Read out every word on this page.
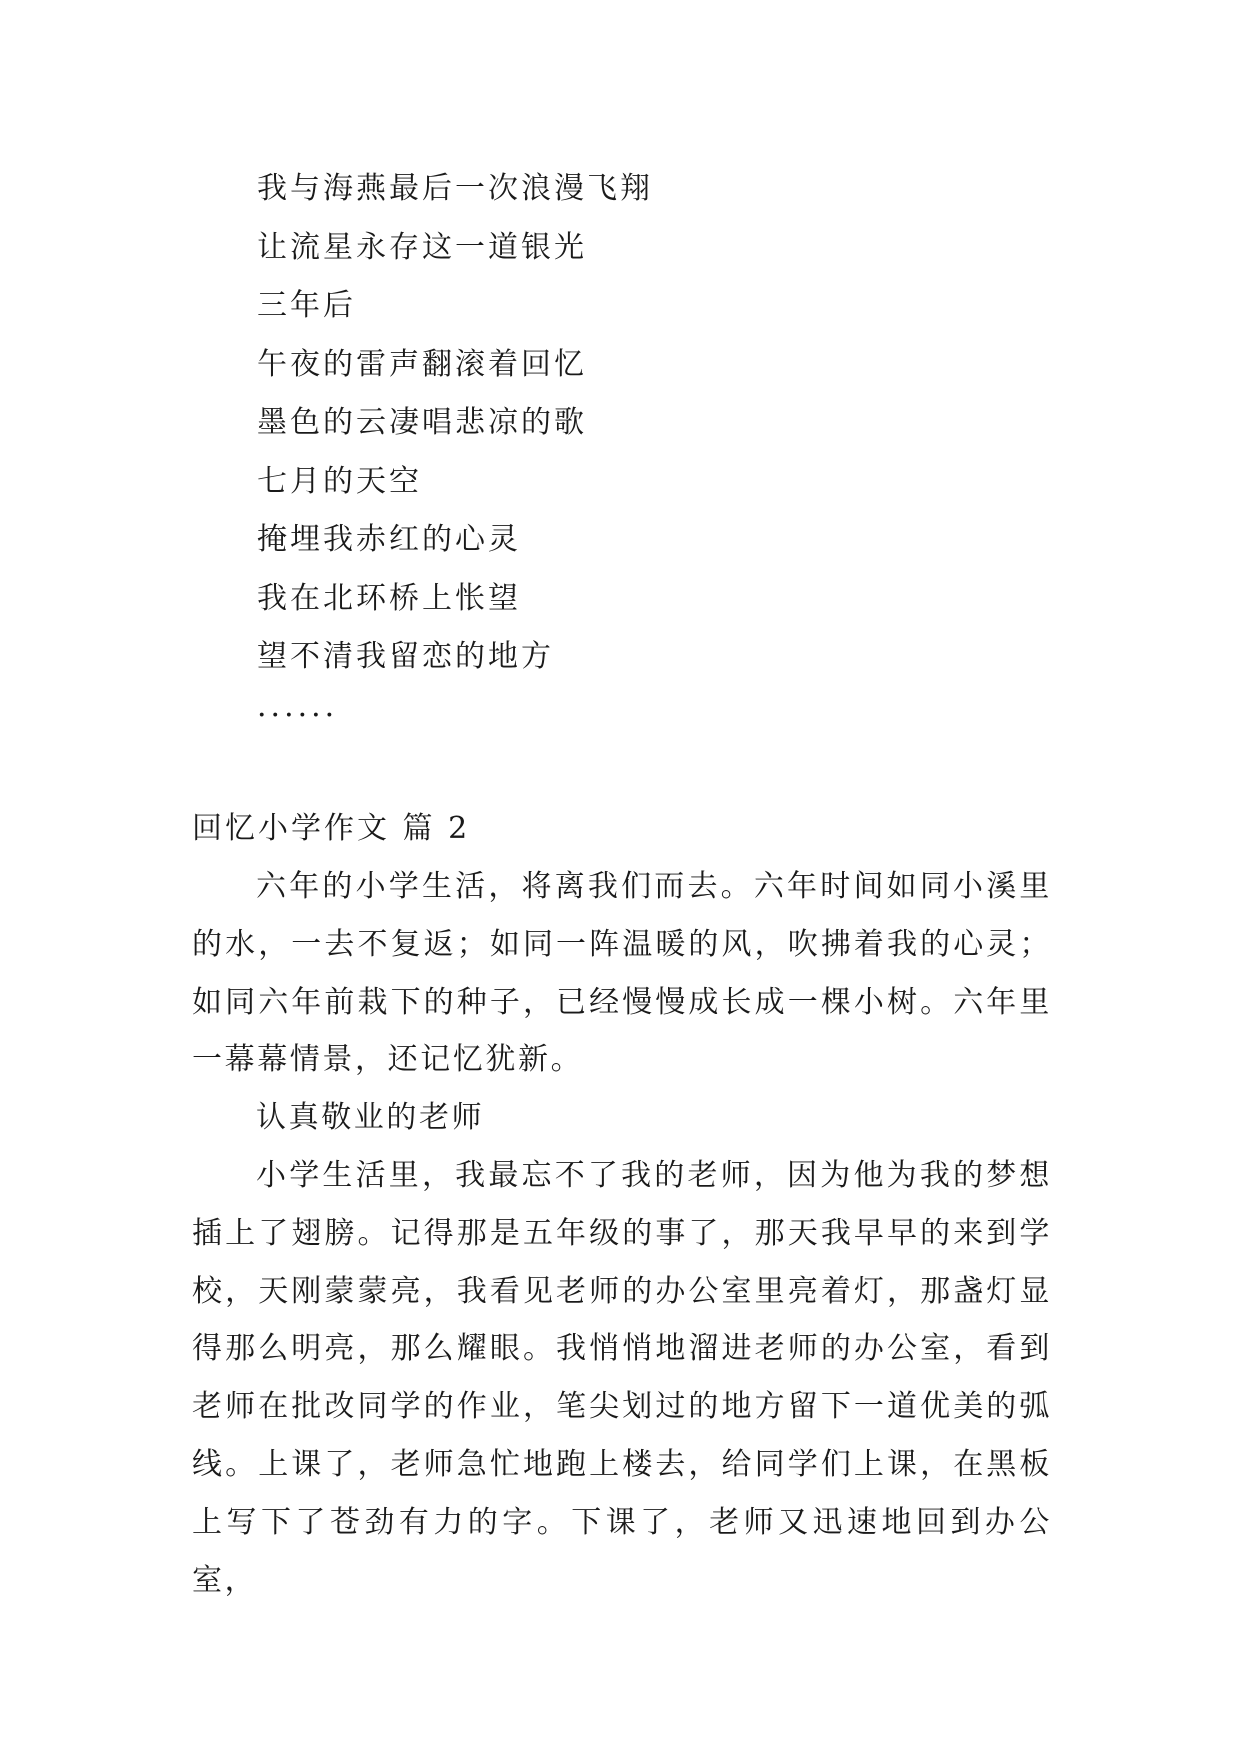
我与海燕最后一次浪漫飞翔
让流星永存这一道银光
三年后
午夜的雷声翻滚着回忆
墨色的云凄唱悲凉的歌
七月的天空
掩埋我赤红的心灵
我在北环桥上怅望
望不清我留恋的地方
······
回忆小学作文 篇 2

六年的小学生活，将离我们而去。六年时间如同小溪里的水，一去不复返；如同一阵温暖的风，吹拂着我的心灵；如同六年前栽下的种子，已经慢慢成长成一棵小树。六年里一幕幕情景，还记忆犹新。

认真敬业的老师

小学生活里，我最忘不了我的老师，因为他为我的梦想插上了翅膀。记得那是五年级的事了，那天我早早的来到学校，天刚蒙蒙亮，我看见老师的办公室里亮着灯，那盏灯显得那么明亮，那么耀眼。我悄悄地溜进老师的办公室，看到老师在批改同学的作业，笔尖划过的地方留下一道优美的弧线。上课了，老师急忙地跑上楼去，给同学们上课，在黑板上写下了苍劲有力的字。下课了，老师又迅速地回到办公室，
